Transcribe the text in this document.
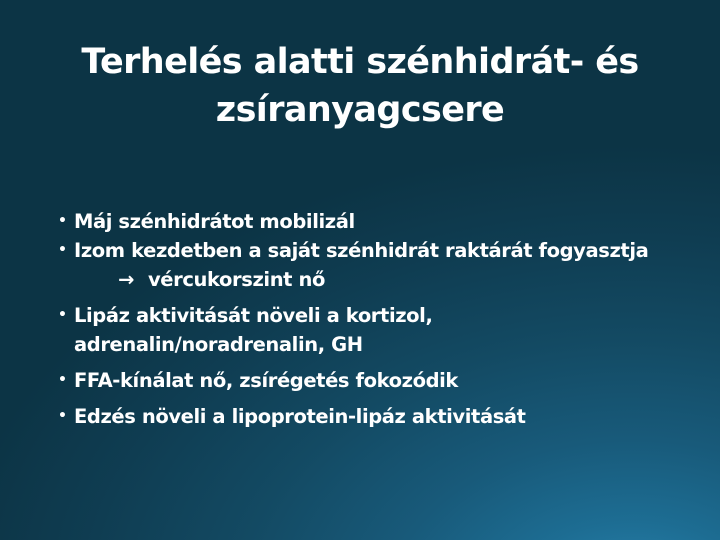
Terhelés alatti szénhidrát- és
zsíranyagcsere
• Máj szénhidrátot mobilizál
• Izom kezdetben a saját szénhidrát raktárát fogyasztja
→ vércukorszint nő
• Lipáz aktivitását növeli a kortizol,
adrenalin/noradrenalin, GH
• FFA-kínálat nő, zsírégetés fokozódik
• Edzés növeli a lipoprotein-lipáz aktivitását
